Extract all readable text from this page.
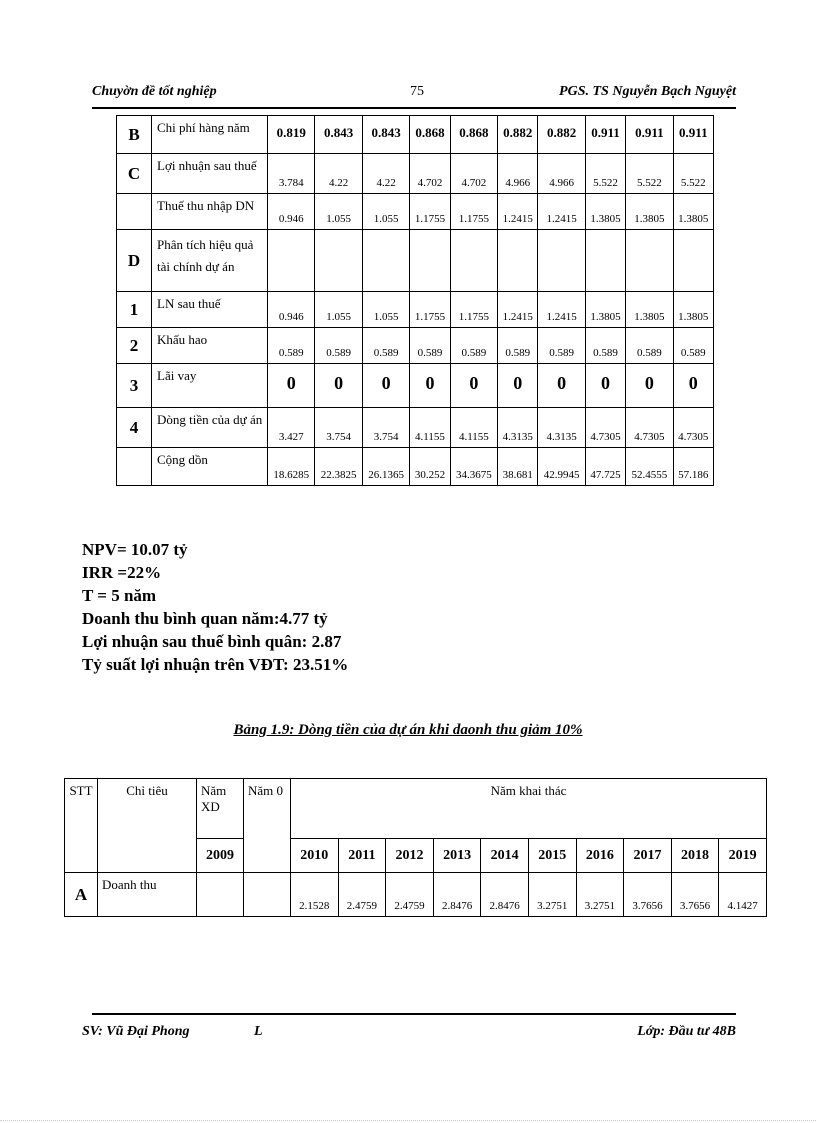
Chuyờn đề tốt nghiệp	75	PGS. TS Nguyễn Bạch Nguyệt
B	Chi phí hàng năm	0.819	0.843	0.843	0.868	0.868	0.882	0.882	0.911	0.911	0.911
C	Lợi nhuận sau thuế	3.784	4.22	4.22	4.702	4.702	4.966	4.966	5.522	5.522	5.522
	Thuế thu nhập DN	0.946	1.055	1.055	1.1755	1.1755	1.2415	1.2415	1.3805	1.3805	1.3805
D	Phân tích hiệu quả tài chính dự án										
1	LN sau thuế	0.946	1.055	1.055	1.1755	1.1755	1.2415	1.2415	1.3805	1.3805	1.3805
2	Khấu hao	0.589	0.589	0.589	0.589	0.589	0.589	0.589	0.589	0.589	0.589
3	Lãi vay	0	0	0	0	0	0	0	0	0	0
4	Dòng tiền của dự án	3.427	3.754	3.754	4.1155	4.1155	4.3135	4.3135	4.7305	4.7305	4.7305
	Cộng dồn	18.6285	22.3825	26.1365	30.252	34.3675	38.681	42.9945	47.725	52.4555	57.186
NPV= 10.07 tỷ
IRR =22%
T = 5 năm
Doanh thu bình quan năm:4.77 tỷ
Lợi nhuận sau thuế bình quân: 2.87
Tỷ suất lợi nhuận trên VĐT: 23.51%
Bảng 1.9: Dòng tiền của dự án khi daonh thu giảm 10%
STT	Chỉ tiêu	Năm XD	Năm 0	Năm khai thác									
		2009		2010	2011	2012	2013	2014	2015	2016	2017	2018	2019
A	Doanh thu			2.1528	2.4759	2.4759	2.8476	2.8476	3.2751	3.2751	3.7656	3.7656	4.1427
SV: Vũ Đại Phong	L	Lớp: Đầu tư 48B
